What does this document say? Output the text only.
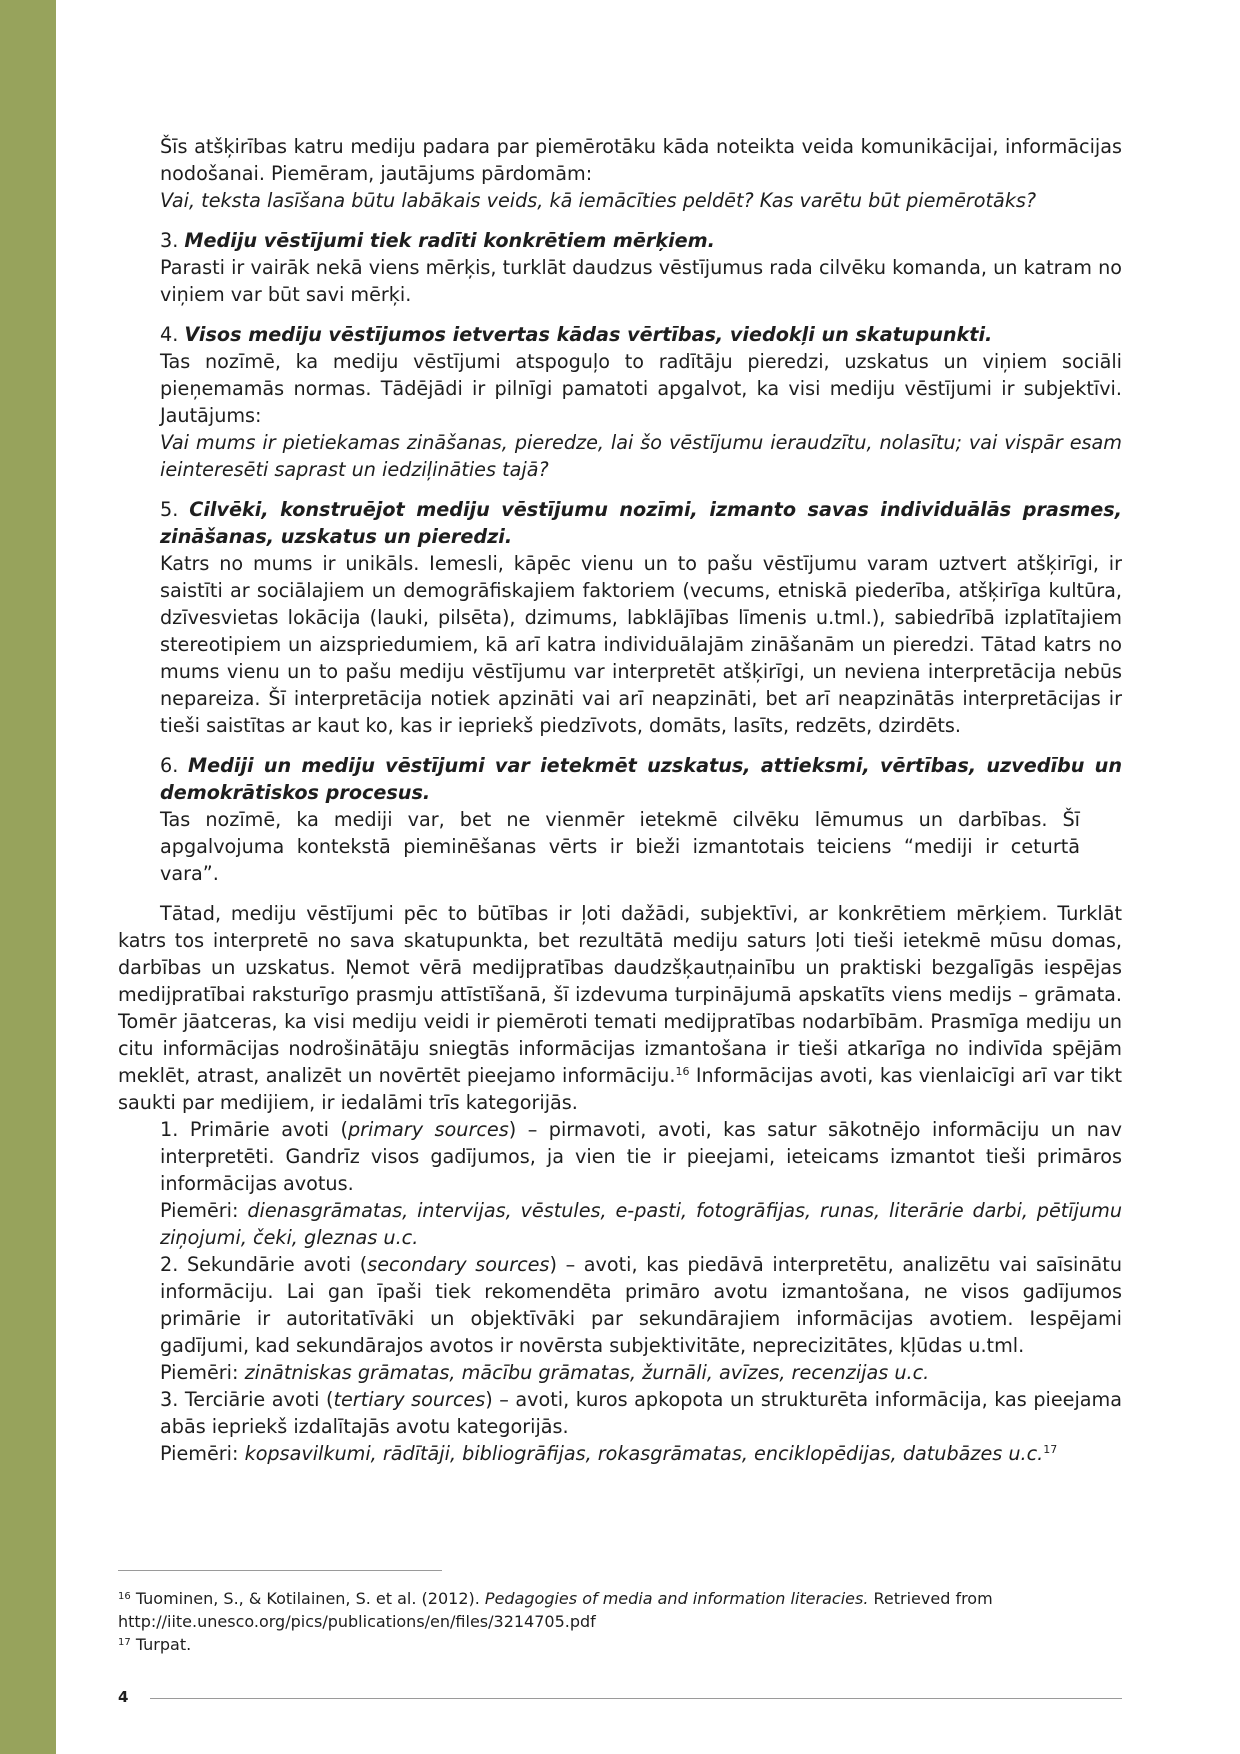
Šīs atšķirības katru mediju padara par piemērotāku kāda noteikta veida komunikācijai, informācijas nodošanai. Piemēram, jautājums pārdomām:

Vai, teksta lasīšana būtu labākais veids, kā iemācīties peldēt? Kas varētu būt piemērotāks?

3. Mediju vēstījumi tiek radīti konkrētiem mērķiem.

Parasti ir vairāk nekā viens mērķis, turklāt daudzus vēstījumus rada cilvēku komanda, un katram no viņiem var būt savi mērķi.

4. Visos mediju vēstījumos ietvertas kādas vērtības, viedokļi un skatupunkti.

Tas nozīmē, ka mediju vēstījumi atspoguļo to radītāju pieredzi, uzskatus un viņiem sociāli pieņemamās normas. Tādējādi ir pilnīgi pamatoti apgalvot, ka visi mediju vēstījumi ir subjektīvi. Jautājums:

Vai mums ir pietiekamas zināšanas, pieredze, lai šo vēstījumu ieraudzītu, nolasītu; vai vispār esam ieinteresēti saprast un iedziļināties tajā?

5. Cilvēki, konstruējot mediju vēstījumu nozīmi, izmanto savas individuālās prasmes, zināšanas, uzskatus un pieredzi.

Katrs no mums ir unikāls. Iemesli, kāpēc vienu un to pašu vēstījumu varam uztvert atšķirīgi, ir saistīti ar sociālajiem un demogrāfiskajiem faktoriem (vecums, etniskā piederība, atšķirīga kultūra, dzīvesvietas lokācija (lauki, pilsēta), dzimums, labklājības līmenis u.tml.), sabiedrībā izplatītajiem stereotipiem un aizspriedumiem, kā arī katra individuālajām zināšanām un pieredzi. Tātad katrs no mums vienu un to pašu mediju vēstījumu var interpretēt atšķirīgi, un neviena interpretācija nebūs nepareiza. Šī interpretācija notiek apzināti vai arī neapzināti, bet arī neapzinātās interpretācijas ir tieši saistītas ar kaut ko, kas ir iepriekš piedzīvots, domāts, lasīts, redzēts, dzirdēts.

6. Mediji un mediju vēstījumi var ietekmēt uzskatus, attieksmi, vērtības, uzvedību un demokrātiskos procesus.

Tas nozīmē, ka mediji var, bet ne vienmēr ietekmē cilvēku lēmumus un darbības. Šī apgalvojuma kontekstā pieminēšanas vērts ir bieži izmantotais teiciens “mediji ir ceturtā vara”.

Tātad, mediju vēstījumi pēc to būtības ir ļoti dažādi, subjektīvi, ar konkrētiem mērķiem. Turklāt katrs tos interpretē no sava skatupunkta, bet rezultātā mediju saturs ļoti tieši ietekmē mūsu domas, darbības un uzskatus. Ņemot vērā medijpratības daudzšķautņainību un praktiski bezgalīgās iespējas medijpratībai raksturīgo prasmju attīstīšanā, šī izdevuma turpinājumā apskatīts viens medijs – grāmata. Tomēr jāatceras, ka visi mediju veidi ir piemēroti temati medijpratības nodarbībām. Prasmīga mediju un citu informācijas nodrošinātāju sniegtās informācijas izmantošana ir tieši atkarīga no indivīda spējām meklēt, atrast, analizēt un novērtēt pieejamo informāciju.$^{16}$ Informācijas avoti, kas vienlaicīgi arī var tikt saukti par medijiem, ir iedalāmi trīs kategorijās.

1. Primārie avoti (primary sources) – pirmavoti, avoti, kas satur sākotnējo informāciju un nav interpretēti. Gandrīz visos gadījumos, ja vien tie ir pieejami, ieteicams izmantot tieši primāros informācijas avotus.

Piemēri: dienasgrāmatas, intervijas, vēstules, e-pasti, fotogrāfijas, runas, literārie darbi, pētījumu ziņojumi, čeki, gleznas u.c.

2. Sekundārie avoti (secondary sources) – avoti, kas piedāvā interpretētu, analizētu vai saīsinātu informāciju. Lai gan īpaši tiek rekomendēta primāro avotu izmantošana, ne visos gadījumos primārie ir autoritatīvāki un objektīvāki par sekundārajiem informācijas avotiem. Iespējami gadījumi, kad sekundārajos avotos ir novērsta subjektivitāte, neprecizitātes, kļūdas u.tml.

Piemēri: zinātniskas grāmatas, mācību grāmatas, žurnāli, avīzes, recenzijas u.c.

3. Terciārie avoti (tertiary sources) – avoti, kuros apkopota un strukturēta informācija, kas pieejama abās iepriekš izdalītajās avotu kategorijās.

Piemēri: kopsavilkumi, rādītāji, bibliogrāfijas, rokasgrāmatas, enciklopēdijas, datubāzes u.c.$^{17}$

$^{16}$ Tuominen, S., & Kotilainen, S. et al. (2012). Pedagogies of media and information literacies. Retrieved from
http://iite.unesco.org/pics/publications/en/files/3214705.pdf
$^{17}$ Turpat.
4
